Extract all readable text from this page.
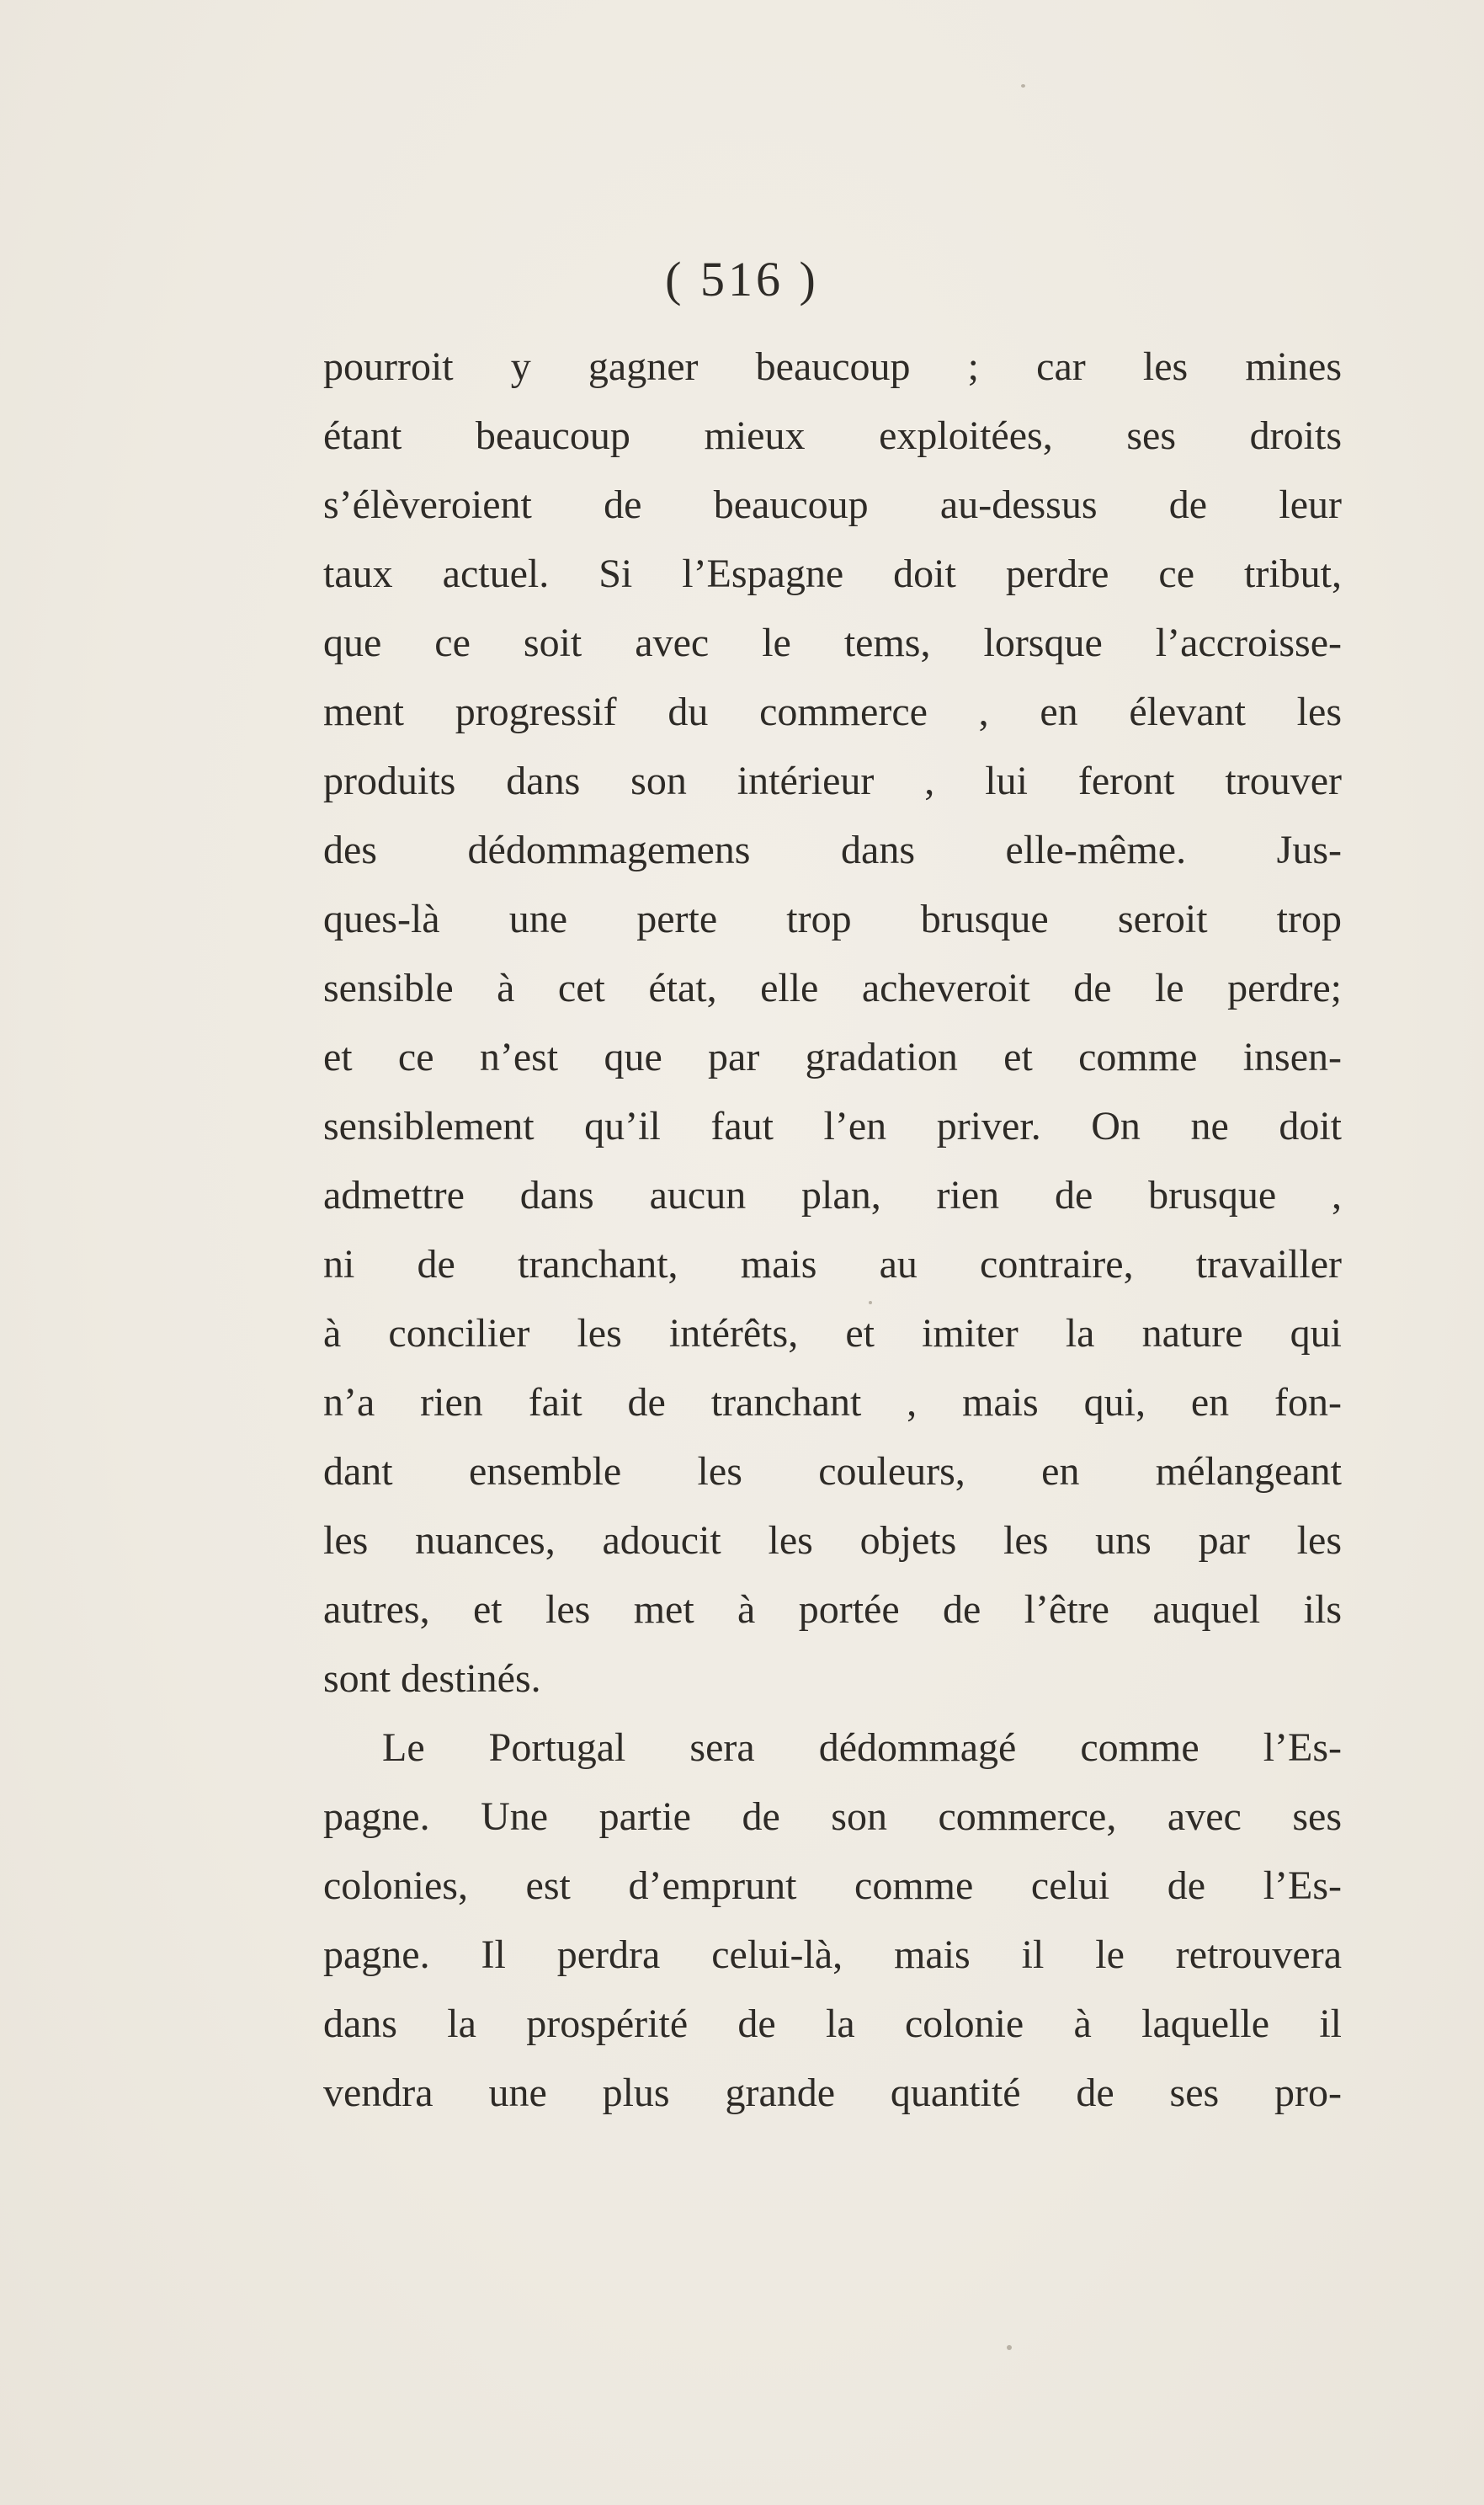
( 516 )
pourroit y gagner beaucoup ; car les mines
étant beaucoup mieux exploitées, ses droits
s’élèveroient de beaucoup au-dessus de leur
taux actuel. Si l’Espagne doit perdre ce tribut,
que ce soit avec le tems, lorsque l’accroisse-
ment progressif du commerce , en élevant les
produits dans son intérieur , lui feront trouver
des dédommagemens dans elle-même. Jus-
ques-là une perte trop brusque seroit trop
sensible à cet état, elle acheveroit de le perdre;
et ce n’est que par gradation et comme insen-
sensiblement qu’il faut l’en priver. On ne doit
admettre dans aucun plan, rien de brusque ,
ni de tranchant, mais au contraire, travailler
à concilier les intérêts, et imiter la nature qui
n’a rien fait de tranchant , mais qui, en fon-
dant ensemble les couleurs, en mélangeant
les nuances, adoucit les objets les uns par les
autres, et les met à portée de l’être auquel ils
sont destinés.
Le Portugal sera dédommagé comme l’Es-
pagne. Une partie de son commerce, avec ses
colonies, est d’emprunt comme celui de l’Es-
pagne. Il perdra celui-là, mais il le retrouvera
dans la prospérité de la colonie à laquelle il
vendra une plus grande quantité de ses pro-
